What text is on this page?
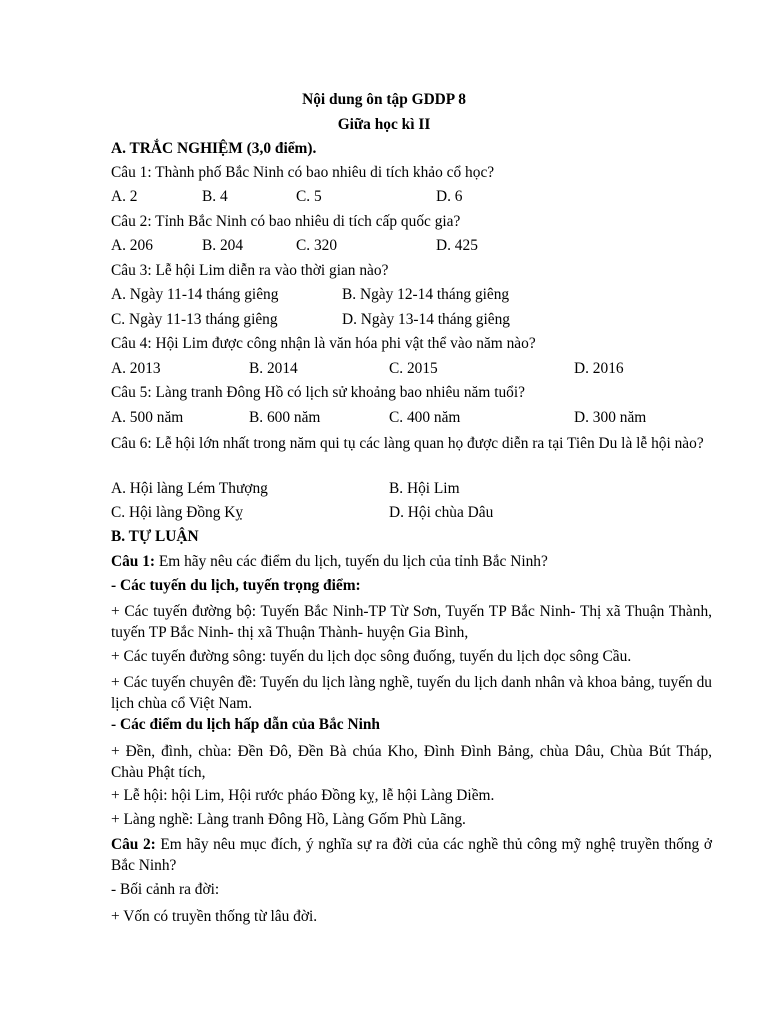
Nội dung ôn tập GDDP 8
Giữa học kì II
A. TRẮC NGHIỆM (3,0 điểm).
Câu 1: Thành phố Bắc Ninh có bao nhiêu di tích khảo cổ học?
A. 2	B. 4	C. 5	D. 6
Câu 2: Tỉnh Bắc Ninh có bao nhiêu di tích cấp quốc gia?
A. 206	B. 204	C. 320	D. 425
Câu 3: Lễ hội Lim diễn ra vào thời gian nào?
A. Ngày 11-14 tháng giêng	B. Ngày 12-14 tháng giêng
C. Ngày 11-13 tháng giêng	D. Ngày 13-14 tháng giêng
Câu 4: Hội Lim được công nhận là văn hóa phi vật thể vào năm nào?
A. 2013	B. 2014	C. 2015	D. 2016
Câu 5: Làng tranh Đông Hồ có lịch sử khoảng bao nhiêu năm tuổi?
A. 500 năm	B. 600 năm	C. 400 năm	D. 300 năm
Câu 6: Lễ hội lớn nhất trong năm qui tụ các làng quan họ được diễn ra tại Tiên Du là lễ hội nào?
A. Hội làng Lém Thượng	B. Hội Lim
C. Hội làng Đồng Kỵ	D. Hội chùa Dâu
B. TỰ LUẬN
Câu 1: Em hãy nêu các điểm du lịch, tuyến du lịch của tỉnh Bắc Ninh?
- Các tuyến du lịch, tuyến trọng điểm:
+ Các tuyến đường bộ: Tuyến Bắc Ninh-TP Từ Sơn, Tuyến TP Bắc Ninh- Thị xã Thuận Thành, tuyến TP Bắc Ninh- thị xã Thuận Thành- huyện Gia Bình,
+ Các tuyến đường sông: tuyến du lịch dọc sông đuống, tuyến du lịch dọc sông Cầu.
+ Các tuyến chuyên đề: Tuyến du lịch làng nghề, tuyến du lịch danh nhân và khoa bảng, tuyến du lịch chùa cổ Việt Nam.
- Các điểm du lịch hấp dẫn của Bắc Ninh
+ Đền, đình, chùa: Đền Đô, Đền Bà chúa Kho, Đình Đình Bảng, chùa Dâu, Chùa Bút Tháp, Chàu Phật tích,
+ Lễ hội: hội Lim, Hội rước pháo Đồng kỵ, lễ hội Làng Diềm.
+ Làng nghề: Làng tranh Đông Hồ, Làng Gốm Phù Lãng.
Câu 2: Em hãy nêu mục đích, ý nghĩa sự ra đời của các nghề thủ công mỹ nghệ truyền thống ở Bắc Ninh?
- Bối cảnh ra đời:
+ Vốn có truyền thống từ lâu đời.
